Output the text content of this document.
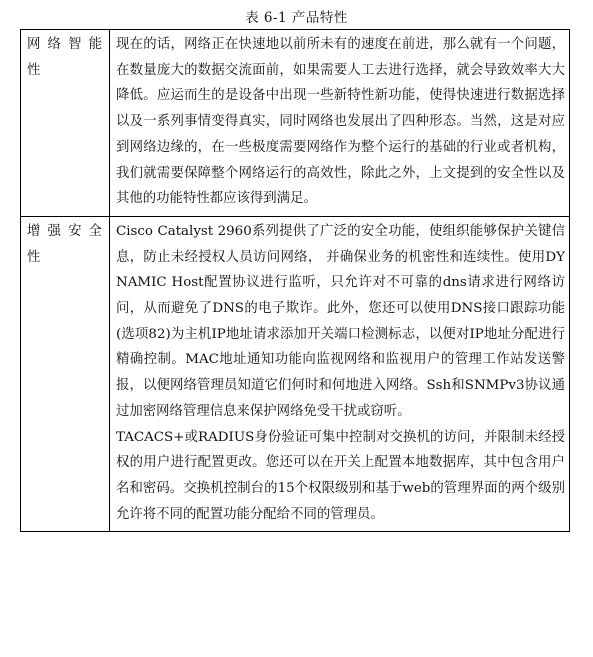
表 6-1 产品特性
网络智能性	现在的话，网络正在快速地以前所未有的速度在前进，那么就有一个问题，在数量庞大的数据交流面前，如果需要人工去进行选择，就会导致效率大大降低。应运而生的是设备中出现一些新特性新功能，使得快速进行数据选择以及一系列事情变得真实，同时网络也发展出了四种形态。当然，这是对应到网络边缘的，在一些极度需要网络作为整个运行的基础的行业或者机构，我们就需要保障整个网络运行的高效性，除此之外，上文提到的安全性以及其他的功能特性都应该得到满足。

增强安全性	Cisco Catalyst 2960系列提供了广泛的安全功能，使组织能够保护关键信息，防止未经授权人员访问网络， 并确保业务的机密性和连续性。使用DYNAMIC Host配置协议进行监听，只允许对不可靠的dns请求进行网络访问，从而避免了DNS的电子欺诈。此外，您还可以使用DNS接口跟踪功能(选项82)为主机IP地址请求添加开关端口检测标志，以便对IP地址分配进行精确控制。MAC地址通知功能向监视网络和监视用户的管理工作站发送警报，以便网络管理员知道它们何时和何地进入网络。Ssh和SNMPv3协议通过加密网络管理信息来保护网络免受干扰或窃听。

TACACS+或RADIUS身份验证可集中控制对交换机的访问，并限制未经授权的用户进行配置更改。您还可以在开关上配置本地数据库，其中包含用户名和密码。交换机控制台的15个权限级别和基于web的管理界面的两个级别允许将不同的配置功能分配给不同的管理员。
